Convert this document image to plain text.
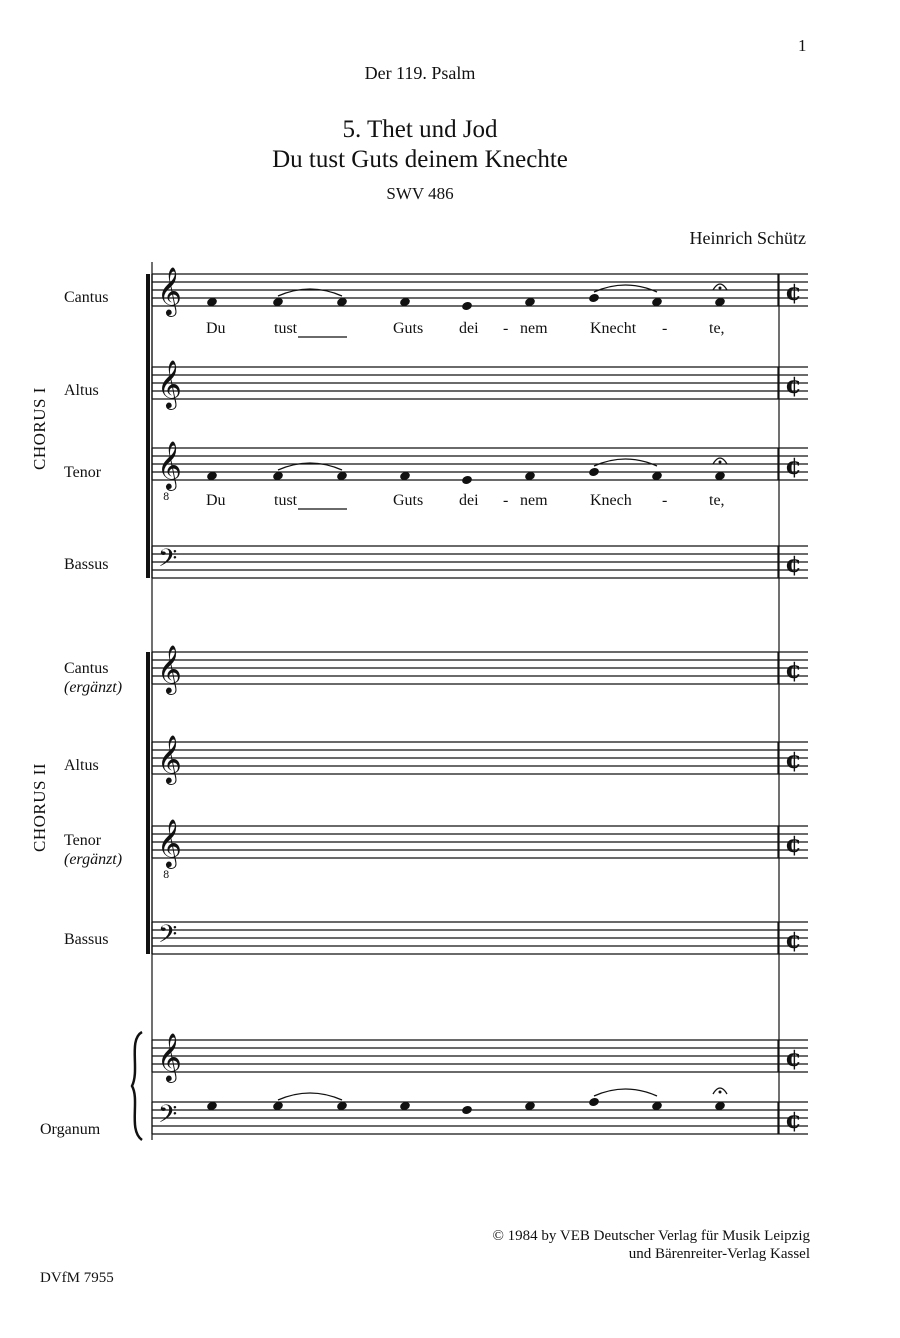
1
Der 119. Psalm
5. Thet und Jod
Du tust Guts deinem Knechte
SWV 486
Heinrich Schütz
Cantus
Altus
Tenor
Bassus
Cantus
(ergänzt)
Altus
Tenor
(ergänzt)
Bassus
Organum
CHORUS I
CHORUS II
Du	tust	Guts dei - nem	Knecht -	te,
Du	tust	Guts dei - nem	Knech -	te,
¢
𝄞
¢
𝄞
¢
𝄞
8
¢
𝄢
¢
𝄞
¢
𝄞
¢
𝄞
8
¢
𝄢
¢
𝄞
¢
𝄢
© 1984 by VEB Deutscher Verlag für Musik Leipzig
und Bärenreiter-Verlag Kassel
DVfM 7955
